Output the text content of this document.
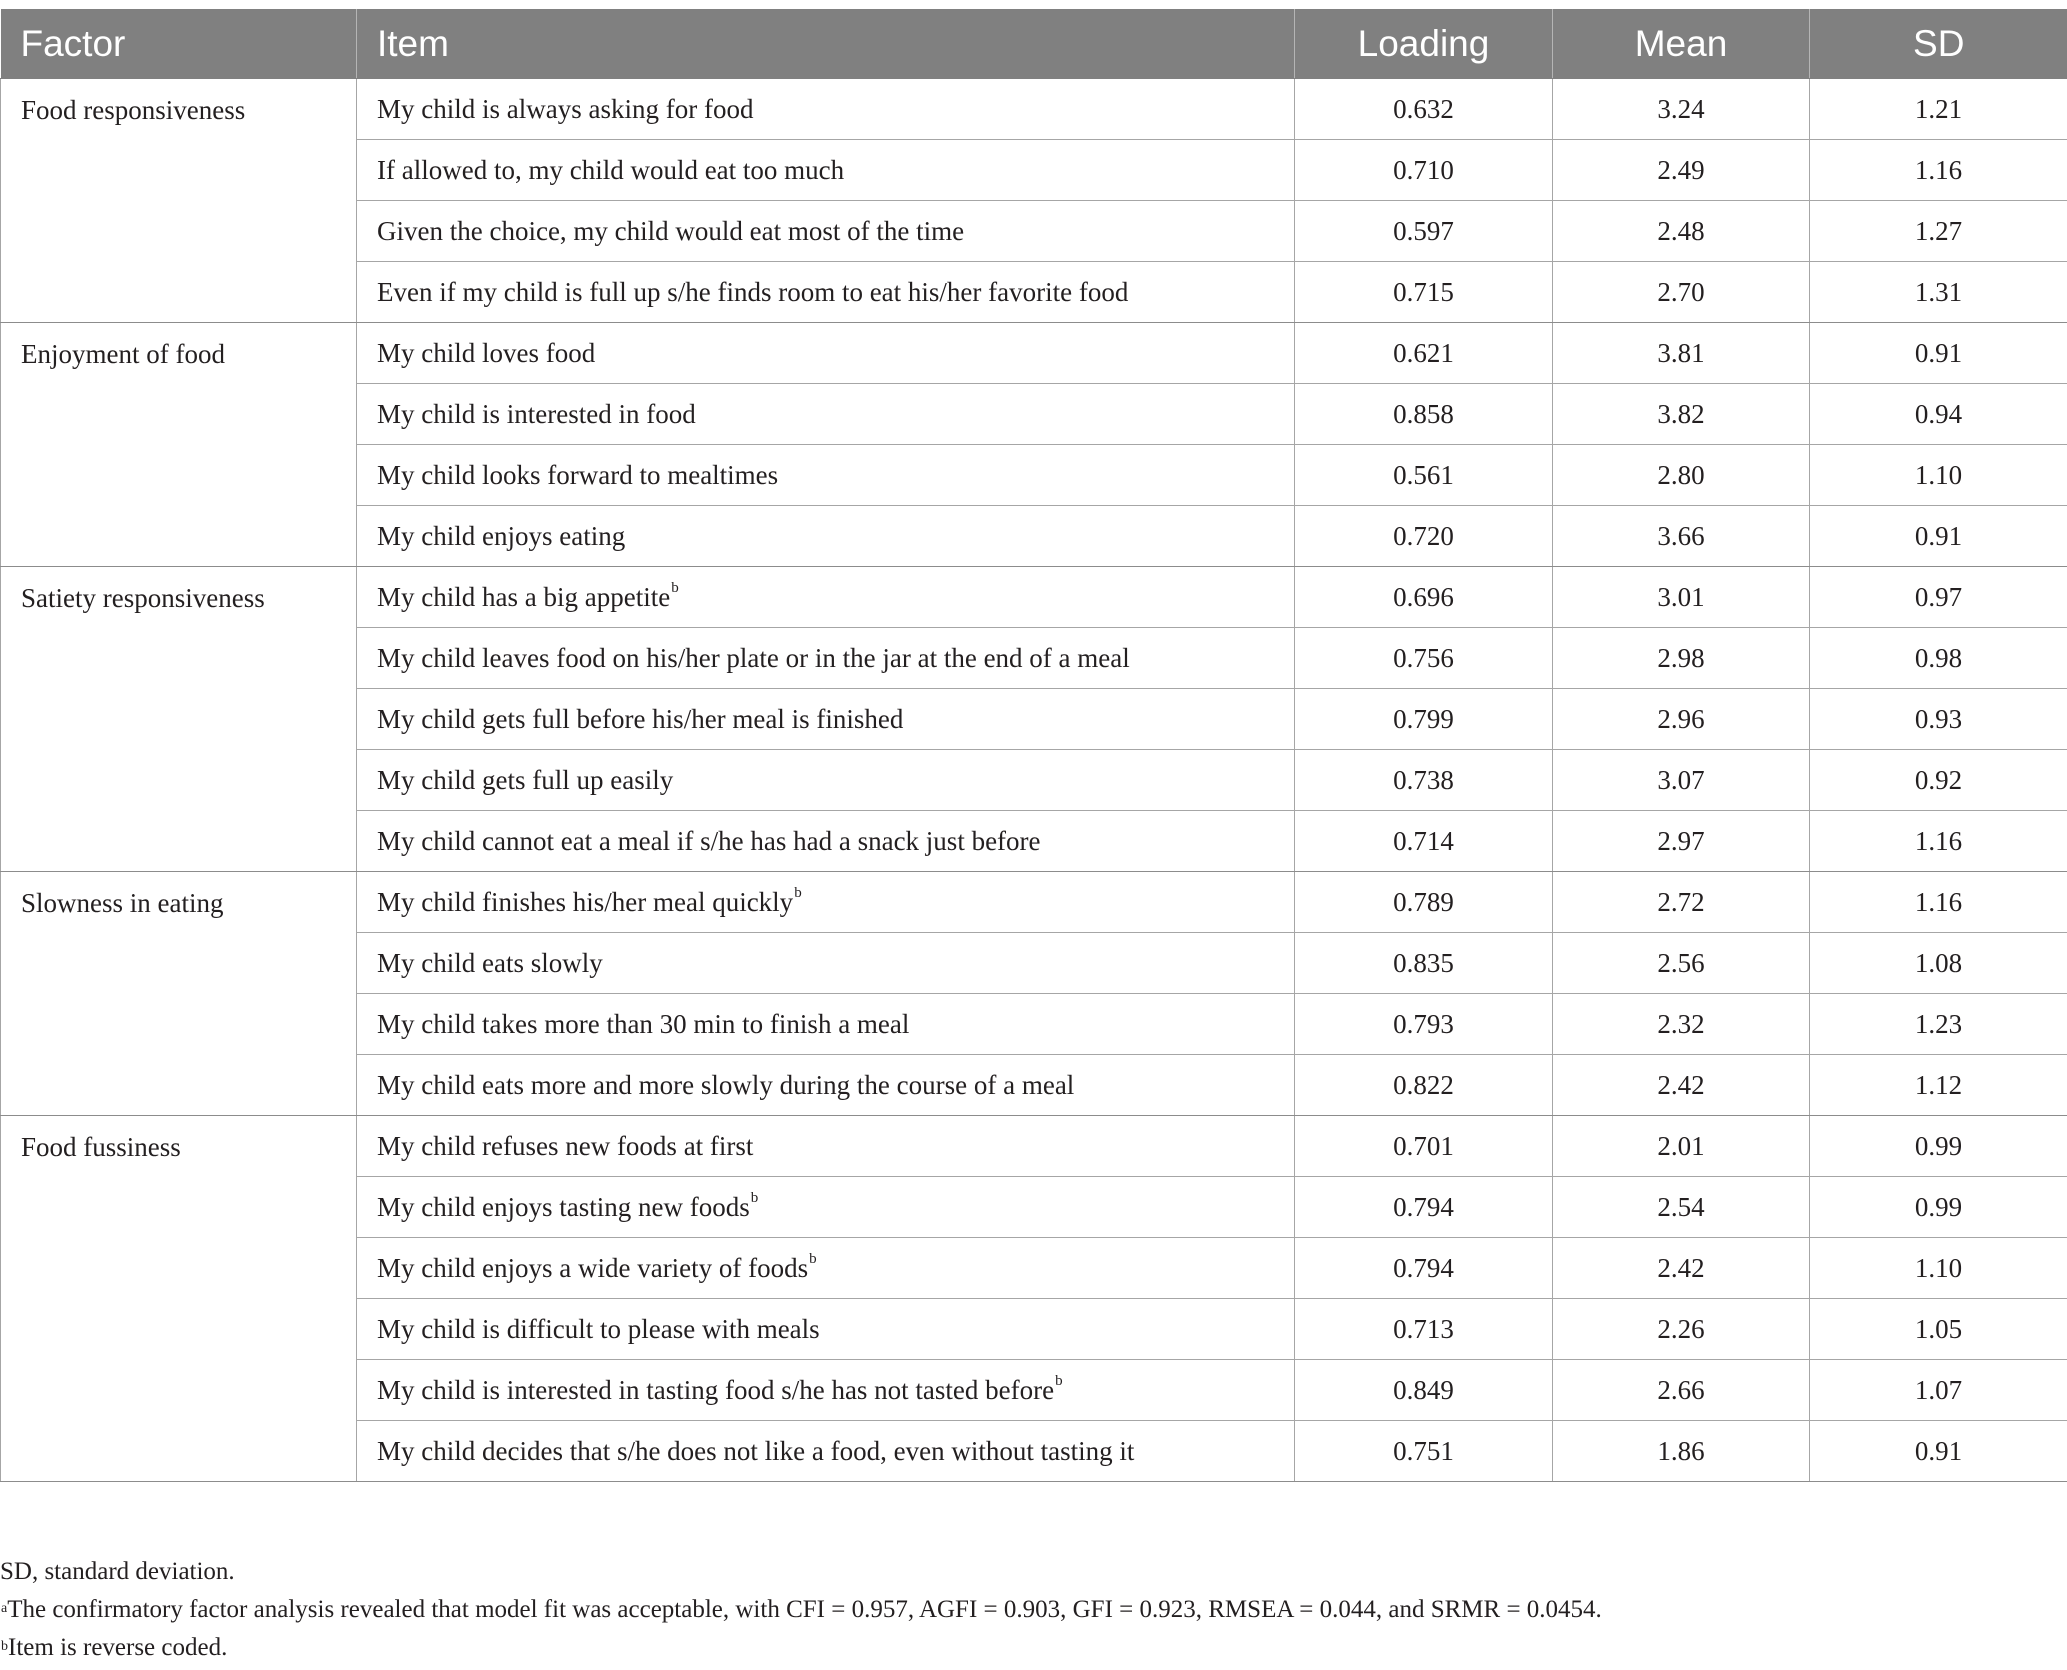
Factor	Item	Loading	Mean	SD
Food responsiveness	My child is always asking for food	0.632	3.24	1.21
	If allowed to, my child would eat too much	0.710	2.49	1.16
	Given the choice, my child would eat most of the time	0.597	2.48	1.27
	Even if my child is full up s/he finds room to eat his/her favorite food	0.715	2.70	1.31
Enjoyment of food	My child loves food	0.621	3.81	0.91
	My child is interested in food	0.858	3.82	0.94
	My child looks forward to mealtimes	0.561	2.80	1.10
	My child enjoys eating	0.720	3.66	0.91
Satiety responsiveness	My child has a big appetite$^b$	0.696	3.01	0.97
	My child leaves food on his/her plate or in the jar at the end of a meal	0.756	2.98	0.98
	My child gets full before his/her meal is finished	0.799	2.96	0.93
	My child gets full up easily	0.738	3.07	0.92
	My child cannot eat a meal if s/he has had a snack just before	0.714	2.97	1.16
Slowness in eating	My child finishes his/her meal quickly$^b$	0.789	2.72	1.16
	My child eats slowly	0.835	2.56	1.08
	My child takes more than 30 min to finish a meal	0.793	2.32	1.23
	My child eats more and more slowly during the course of a meal	0.822	2.42	1.12
Food fussiness	My child refuses new foods at first	0.701	2.01	0.99
	My child enjoys tasting new foods$^b$	0.794	2.54	0.99
	My child enjoys a wide variety of foods$^b$	0.794	2.42	1.10
	My child is difficult to please with meals	0.713	2.26	1.05
	My child is interested in tasting food s/he has not tasted before$^b$	0.849	2.66	1.07
	My child decides that s/he does not like a food, even without tasting it	0.751	1.86	0.91

SD, standard deviation.

$^a$The confirmatory factor analysis revealed that model fit was acceptable, with CFI = 0.957, AGFI = 0.903, GFI = 0.923, RMSEA = 0.044, and SRMR = 0.0454.

$^b$Item is reverse coded.
